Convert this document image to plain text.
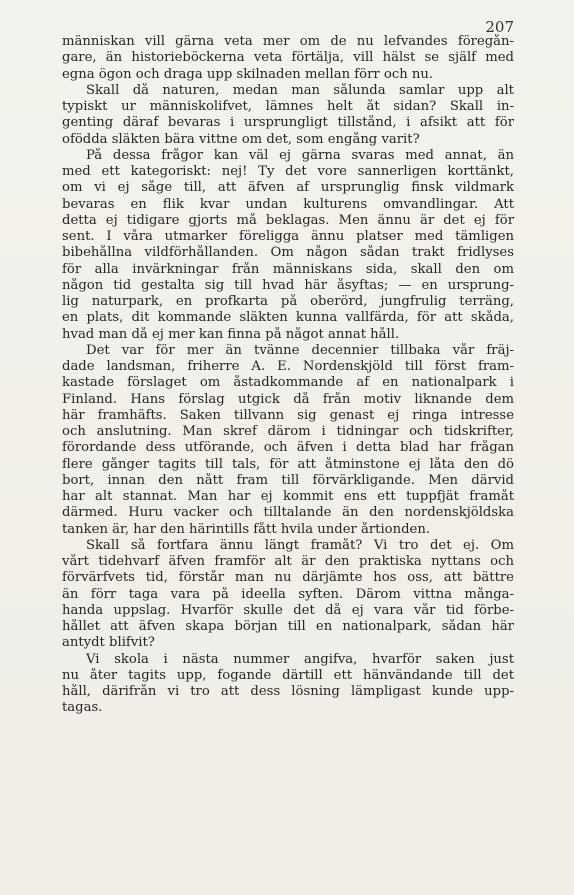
207
människan vill gärna veta mer om de nu lefvandes föregån-
gare, än historieböckerna veta förtälja, vill hälst se själf med
egna ögon och draga upp skilnaden mellan förr och nu.
Skall då naturen, medan man sålunda samlar upp alt
typiskt ur människolifvet, lämnes helt åt sidan? Skall in-
genting däraf bevaras i ursprungligt tillstånd, i afsikt att för
ofödda släkten bära vittne om det, som engång varit?
På dessa frågor kan väl ej gärna svaras med annat, än
med ett kategoriskt: nej! Ty det vore sannerligen korttänkt,
om vi ej såge till, att äfven af ursprunglig finsk vildmark
bevaras en flik kvar undan kulturens omvandlingar. Att
detta ej tidigare gjorts må beklagas. Men ännu är det ej för
sent. I våra utmarker föreligga ännu platser med tämligen
bibehållna vildförhållanden. Om någon sådan trakt fridlyses
för alla invärkningar från människans sida, skall den om
någon tid gestalta sig till hvad här åsyftas; — en ursprung-
lig naturpark, en profkarta på oberörd, jungfrulig terräng,
en plats, dit kommande släkten kunna vallfärda, för att skåda,
hvad man då ej mer kan finna på något annat håll.
Det var för mer än tvänne decennier tillbaka vår fräj-
dade landsman, friherre A. E. Nordenskjöld till först fram-
kastade förslaget om åstadkommande af en nationalpark i
Finland. Hans förslag utgick då från motiv liknande dem
här framhäfts. Saken tillvann sig genast ej ringa intresse
och anslutning. Man skref därom i tidningar och tidskrifter,
förordande dess utförande, och äfven i detta blad har frågan
flere gånger tagits till tals, för att åtminstone ej låta den dö
bort, innan den nått fram till förvärkligande. Men därvid
har alt stannat. Man har ej kommit ens ett tuppfjät framåt
därmed. Huru vacker och tilltalande än den nordenskjöldska
tanken är, har den härintills fått hvila under årtionden.
Skall så fortfara ännu längt framåt? Vi tro det ej. Om
vårt tidehvarf äfven framför alt är den praktiska nyttans och
förvärfvets tid, förstår man nu därjämte hos oss, att bättre
än förr taga vara på ideella syften. Därom vittna många-
handa uppslag. Hvarför skulle det då ej vara vår tid förbe-
hållet att äfven skapa början till en nationalpark, sådan här
antydt blifvit?
Vi skola i nästa nummer angifva, hvarför saken just
nu åter tagits upp, fogande därtill ett hänvändande till det
håll, därifrån vi tro att dess lösning lämpligast kunde upp-
tagas.
